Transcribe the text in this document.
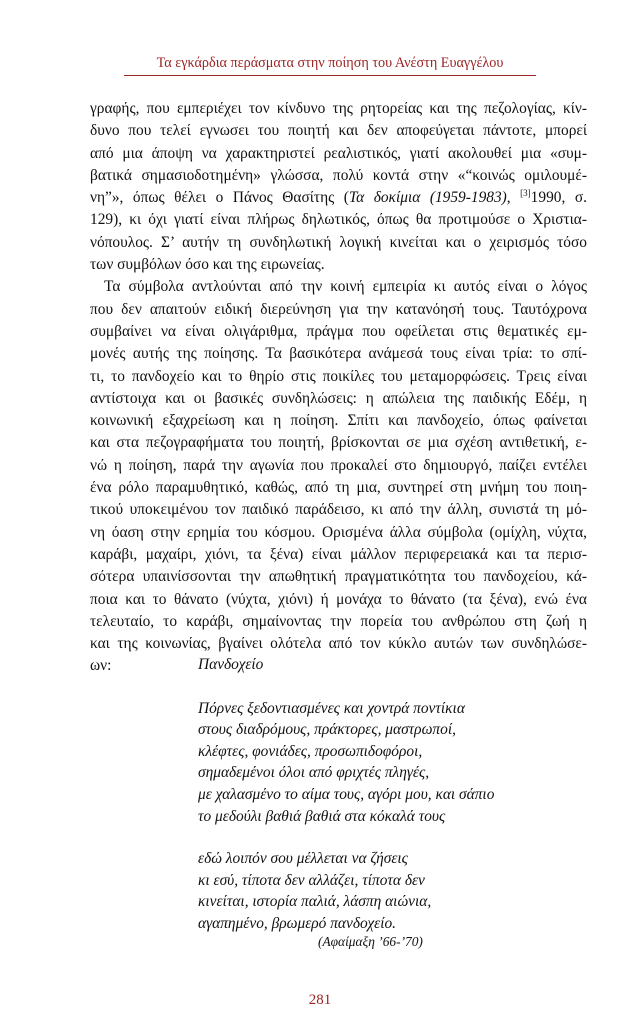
Τα εγκάρδια περάσματα στην ποίηση του Ανέστη Ευαγγέλου
γραφής, που εμπεριέχει τον κίνδυνο της ρητορείας και της πεζολογίας, κίν-
δυνο που τελεί εγνωσει του ποιητή και δεν αποφεύγεται πάντοτε, μπορεί
από μια άποψη να χαρακτηριστεί ρεαλιστικός, γιατί ακολουθεί μια «συμ-
βατικά σημασιοδοτημένη» γλώσσα, πολύ κοντά στην «“κοινώς ομιλουμέ-
νη”», όπως θέλει ο Πάνος Θασίτης (Τα δοκίμια (1959-1983), [3]1990, σ.
129), κι όχι γιατί είναι πλήρως δηλωτικός, όπως θα προτιμούσε ο Χριστια-
νόπουλος. Σ’ αυτήν τη συνδηλωτική λογική κινείται και ο χειρισμός τόσο
των συμβόλων όσο και της ειρωνείας.
Τα σύμβολα αντλούνται από την κοινή εμπειρία κι αυτός είναι ο λόγος
που δεν απαιτούν ειδική διερεύνηση για την κατανόησή τους. Ταυτόχρονα
συμβαίνει να είναι ολιγάριθμα, πράγμα που οφείλεται στις θεματικές εμ-
μονές αυτής της ποίησης. Τα βασικότερα ανάμεσά τους είναι τρία: το σπί-
τι, το πανδοχείο και το θηρίο στις ποικίλες του μεταμορφώσεις. Τρεις είναι
αντίστοιχα και οι βασικές συνδηλώσεις: η απώλεια της παιδικής Εδέμ, η
κοινωνική εξαχρείωση και η ποίηση. Σπίτι και πανδοχείο, όπως φαίνεται
και στα πεζογραφήματα του ποιητή, βρίσκονται σε μια σχέση αντιθετική, ε-
νώ η ποίηση, παρά την αγωνία που προκαλεί στο δημιουργό, παίζει εντέλει
ένα ρόλο παραμυθητικό, καθώς, από τη μια, συντηρεί στη μνήμη του ποιη-
τικού υποκειμένου τον παιδικό παράδεισο, κι από την άλλη, συνιστά τη μό-
νη όαση στην ερημία του κόσμου. Ορισμένα άλλα σύμβολα (ομίχλη, νύχτα,
καράβι, μαχαίρι, χιόνι, τα ξένα) είναι μάλλον περιφερειακά και τα περισ-
σότερα υπαινίσσονται την απωθητική πραγματικότητα του πανδοχείου, κά-
ποια και το θάνατο (νύχτα, χιόνι) ή μονάχα το θάνατο (τα ξένα), ενώ ένα
τελευταίο, το καράβι, σημαίνοντας την πορεία του ανθρώπου στη ζωή η
και της κοινωνίας, βγαίνει ολότελα από τον κύκλο αυτών των συνδηλώσε-
ων:	Πανδοχείο
Πόρνες ξεδοντιασμένες και χοντρά ποντίκια
στους διαδρόμους, πράκτορες, μαστρωποί,
κλέφτες, φονιάδες, προσωπιδοφόροι,
σημαδεμένοι όλοι από φριχτές πληγές,
με χαλασμένο το αίμα τους, αγόρι μου, και σάπιο
το μεδούλι βαθιά βαθιά στα κόκαλά τους
εδώ λοιπόν σου μέλλεται να ζήσεις
κι εσύ, τίποτα δεν αλλάζει, τίποτα δεν
κινείται, ιστορία παλιά, λάσπη αιώνια,
αγαπημένο, βρωμερό πανδοχείο.
(Αφαίμαξη ’66-’70)
281
